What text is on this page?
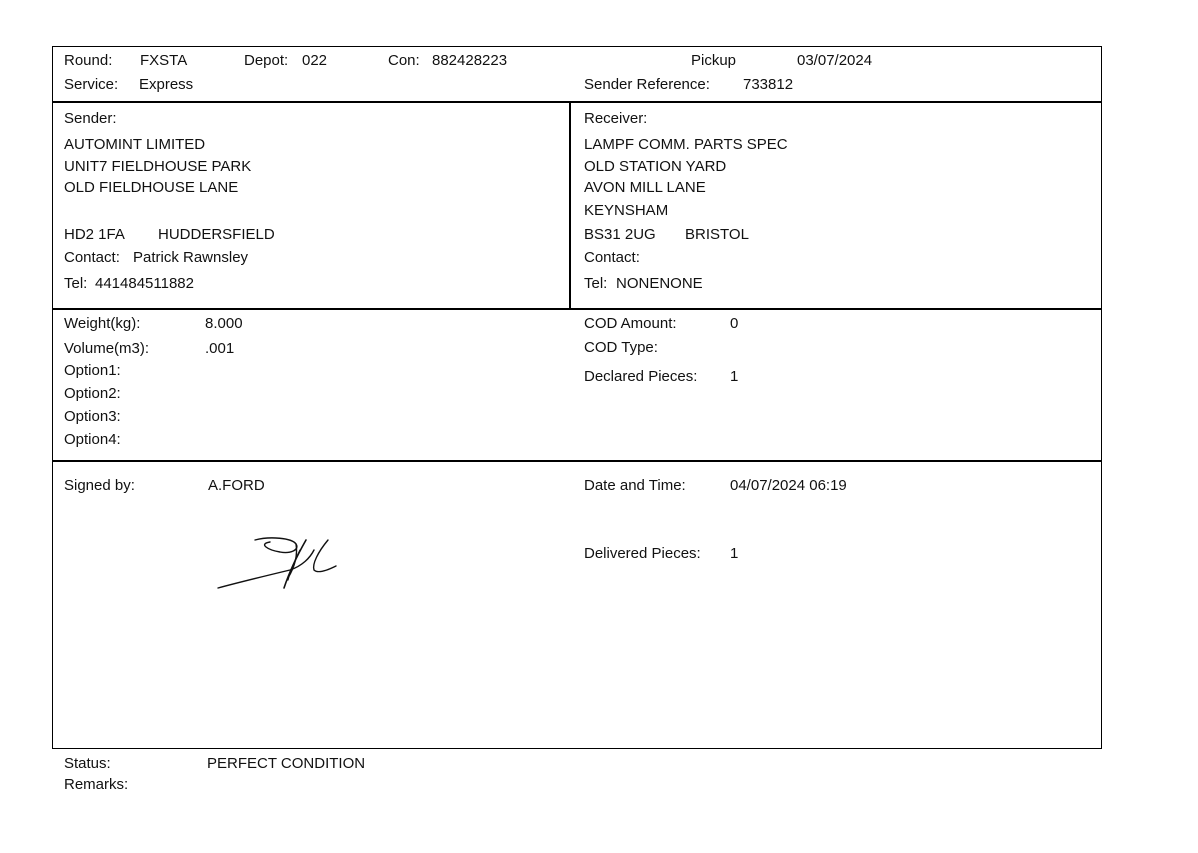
Round: FXSTA	Depot: 022	Con: 882428223	Pickup	03/07/2024
Service: Express	Sender Reference: 733812
Sender:
AUTOMINT LIMITED
UNIT7 FIELDHOUSE PARK
OLD FIELDHOUSE LANE
HD2 1FA HUDDERSFIELD
Contact: Patrick Rawnsley
Tel: 441484511882
Receiver:
LAMPF COMM. PARTS SPEC
OLD STATION YARD
AVON MILL LANE
KEYNSHAM
BS31 2UG BRISTOL
Contact:
Tel: NONENONE
Weight(kg):	8.000
Volume(m3):	.001
Option1:
Option2:
Option3:
Option4:
COD Amount:	0
COD Type:
Declared Pieces: 1
Signed by:	A.FORD	Date and Time:	04/07/2024 06:19
Delivered Pieces: 1
Status:	PERFECT CONDITION
Remarks:
